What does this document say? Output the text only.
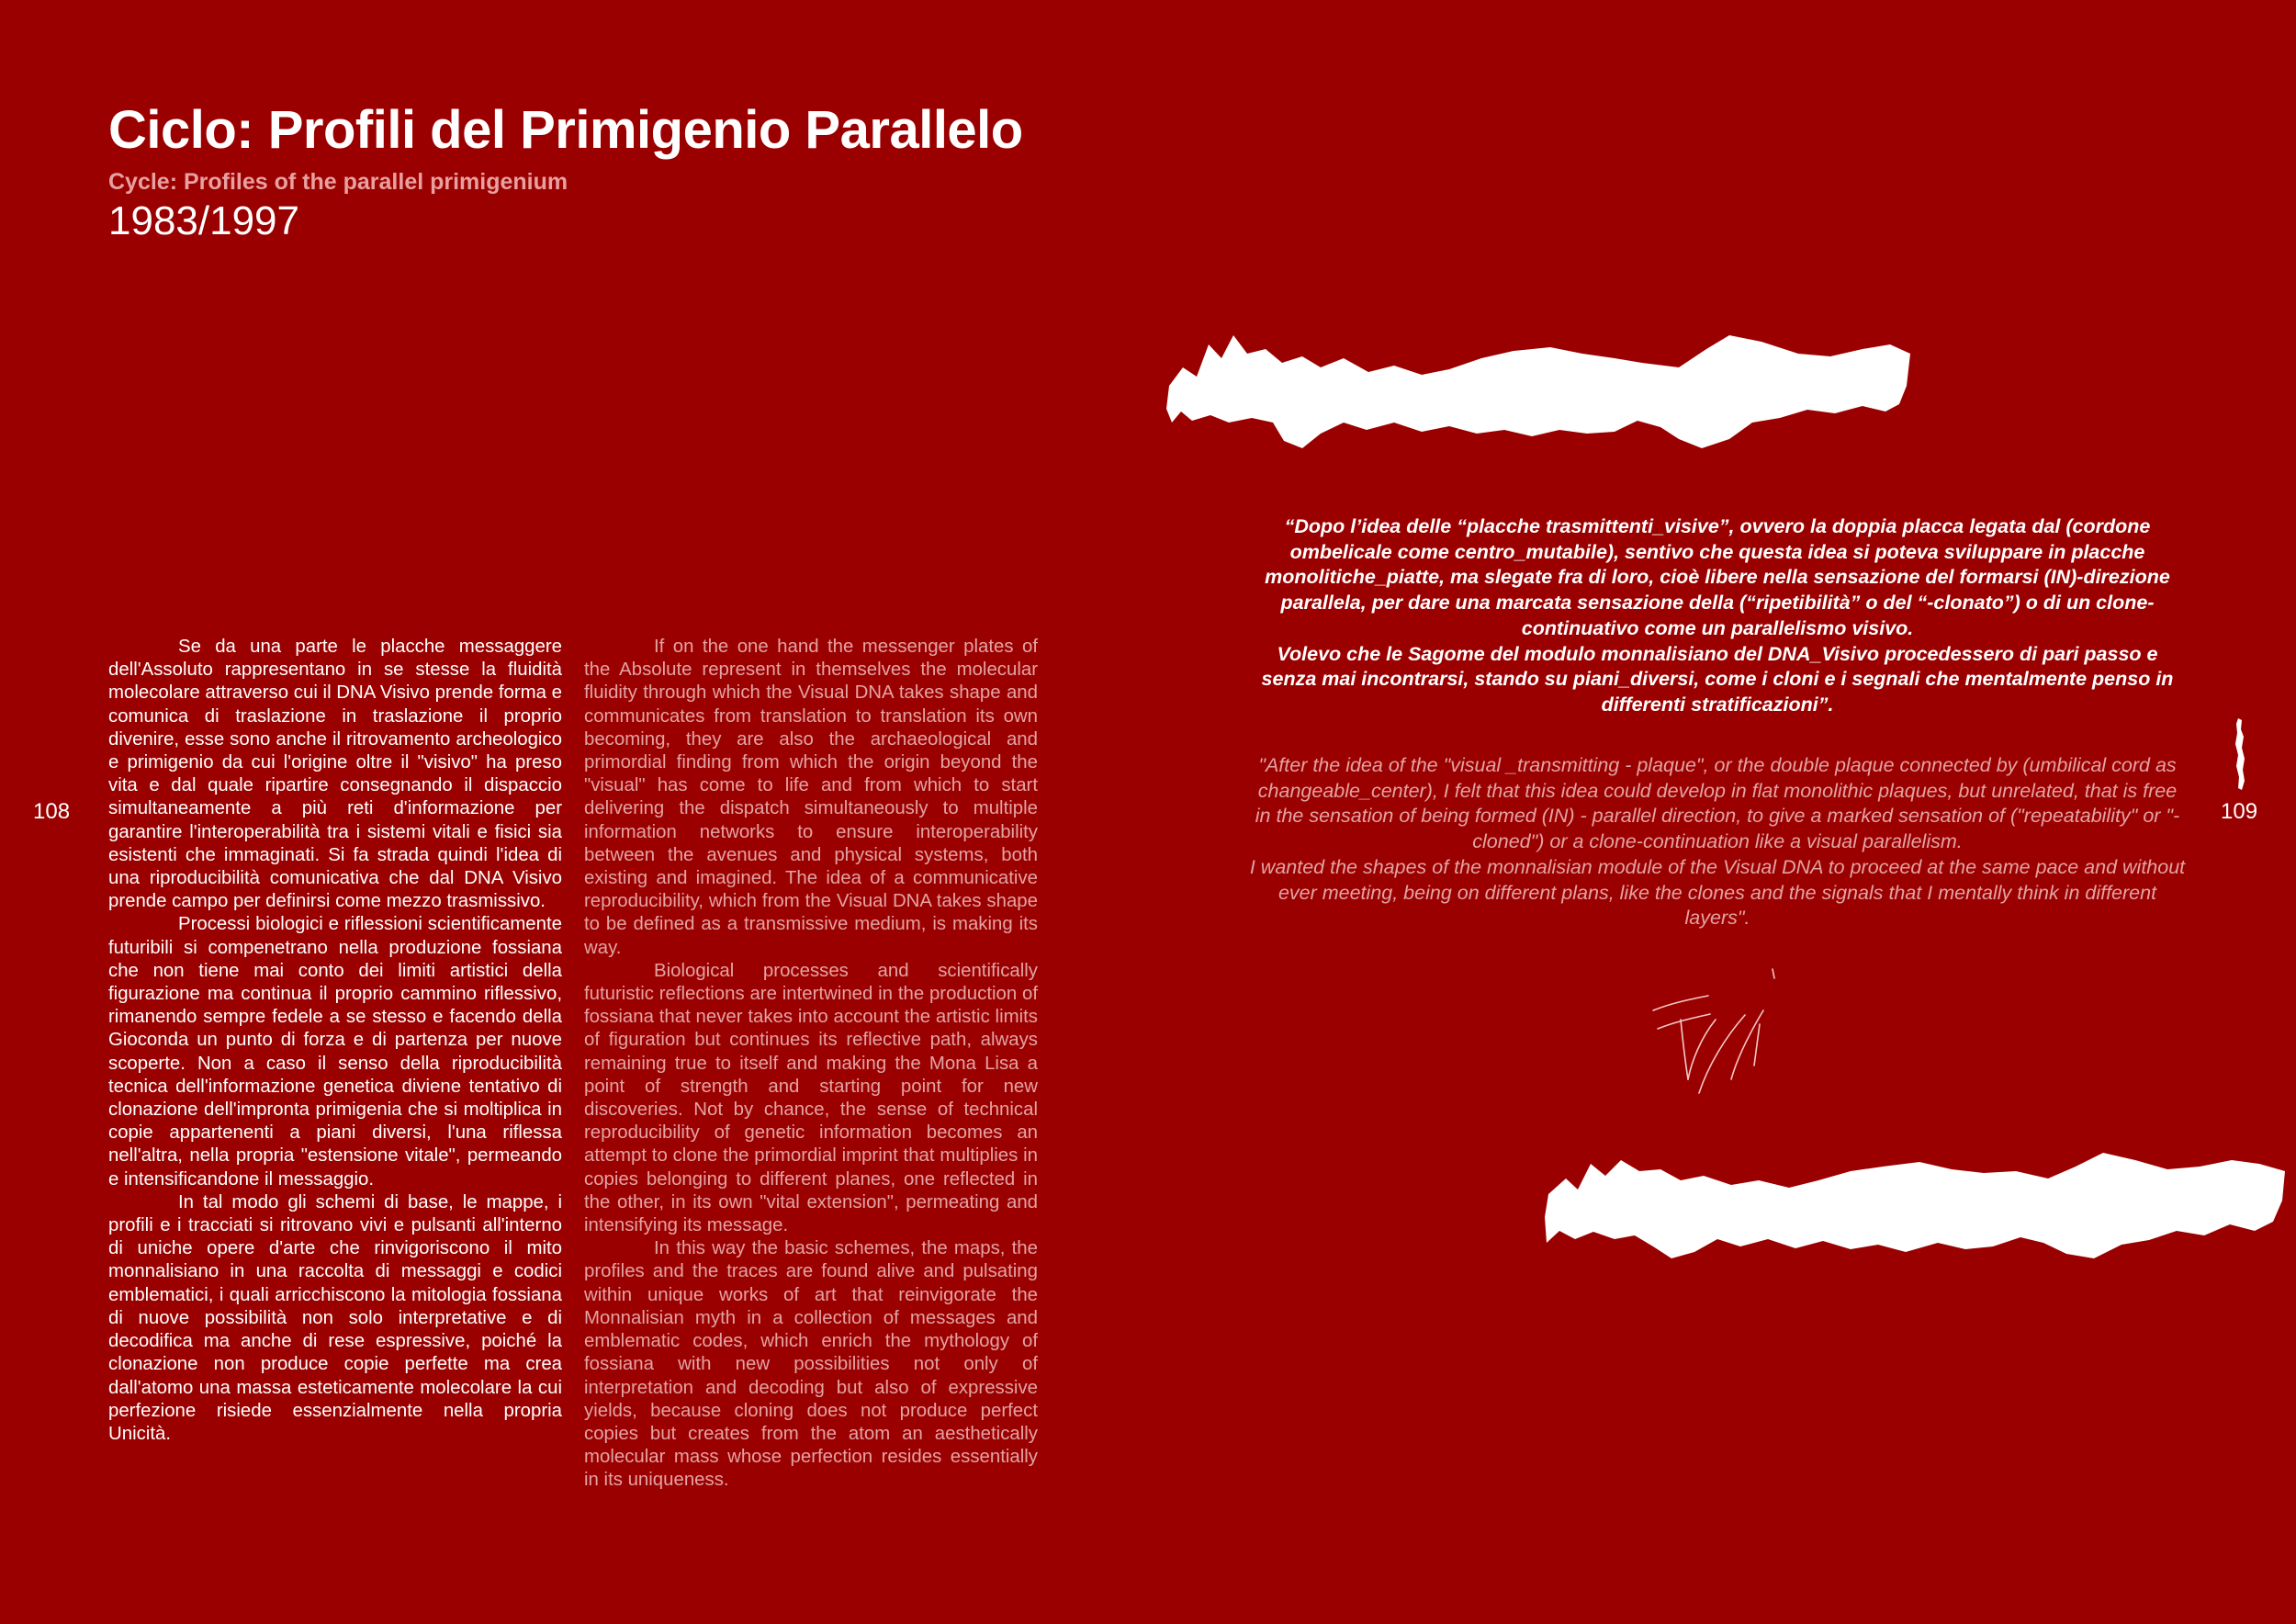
Ciclo: Profili del Primigenio Parallelo
Cycle: Profiles of the parallel primigenium
1983/1997
108	109

Se da una parte le placche messaggere dell'Assoluto rappresentano in se stesse la fluidità molecolare attraverso cui il DNA Visivo prende forma e comunica di traslazione in traslazione il proprio divenire, esse sono anche il ritrovamento archeologico e primigenio da cui l'origine oltre il "visivo" ha preso vita e dal quale ripartire consegnando il dispaccio simultaneamente a più reti d'informazione per garantire l'interoperabilità tra i sistemi vitali e fisici sia esistenti che immaginati. Si fa strada quindi l'idea di una riproducibilità comunicativa che dal DNA Visivo prende campo per definirsi come mezzo trasmissivo.

Processi biologici e riflessioni scientificamente futuribili si compenetrano nella produzione fossiana che non tiene mai conto dei limiti artistici della figurazione ma continua il proprio cammino riflessivo, rimanendo sempre fedele a se stesso e facendo della Gioconda un punto di forza e di partenza per nuove scoperte. Non a caso il senso della riproducibilità tecnica dell'informazione genetica diviene tentativo di clonazione dell'impronta primigenia che si moltiplica in copie appartenenti a piani diversi, l'una riflessa nell'altra, nella propria "estensione vitale", permeando e intensificandone il messaggio.

In tal modo gli schemi di base, le mappe, i profili e i tracciati si ritrovano vivi e pulsanti all'interno di uniche opere d'arte che rinvigoriscono il mito monnalisiano in una raccolta di messaggi e codici emblematici, i quali arricchiscono la mitologia fossiana di nuove possibilità non solo interpretative e di decodifica ma anche di rese espressive, poiché la clonazione non produce copie perfette ma crea dall'atomo una massa esteticamente molecolare la cui perfezione risiede essenzialmente nella propria Unicità.

If on the one hand the messenger plates of the Absolute represent in themselves the molecular fluidity through which the Visual DNA takes shape and communicates from translation to translation its own becoming, they are also the archaeological and primordial finding from which the origin beyond the "visual" has come to life and from which to start delivering the dispatch simultaneously to multiple information networks to ensure interoperability between the avenues and physical systems, both existing and imagined. The idea of a communicative reproducibility, which from the Visual DNA takes shape to be defined as a transmissive medium, is making its way.

Biological processes and scientifically futuristic reflections are intertwined in the production of fossiana that never takes into account the artistic limits of figuration but continues its reflective path, always remaining true to itself and making the Mona Lisa a point of strength and starting point for new discoveries. Not by chance, the sense of technical reproducibility of genetic information becomes an attempt to clone the primordial imprint that multiplies in copies belonging to different planes, one reflected in the other, in its own "vital extension", permeating and intensifying its message.

In this way the basic schemes, the maps, the profiles and the traces are found alive and pulsating within unique works of art that reinvigorate the Monnalisian myth in a collection of messages and emblematic codes, which enrich the mythology of fossiana with new possibilities not only of interpretation and decoding but also of expressive yields, because cloning does not produce perfect copies but creates from the atom an aesthetically molecular mass whose perfection resides essentially in its uniqueness.

“Dopo l’idea delle “placche trasmittenti_visive”, ovvero la doppia placca legata dal (cordone ombelicale come centro_mutabile), sentivo che questa idea si poteva sviluppare in placche monolitiche_piatte, ma slegate fra di loro, cioè libere nella sensazione del formarsi (IN)-direzione parallela, per dare una marcata sensazione della (“ripetibilità” o del “-clonato”) o di un clone-continuativo come un parallelismo visivo.

Volevo che le Sagome del modulo monnalisiano del DNA_Visivo procedessero di pari passo e senza mai incontrarsi, stando su piani_diversi, come i cloni e i segnali che mentalmente penso in differenti stratificazioni”.

"After the idea of the "visual _transmitting - plaque", or the double plaque connected by (umbilical cord as changeable_center), I felt that this idea could develop in flat monolithic plaques, but unrelated, that is free in the sensation of being formed (IN) - parallel direction, to give a marked sensation of ("repeatability" or "-cloned") or a clone-continuation like a visual parallelism.

I wanted the shapes of the monnalisian module of the Visual DNA to proceed at the same pace and without ever meeting, being on different plans, like the clones and the signals that I mentally think in different layers".
